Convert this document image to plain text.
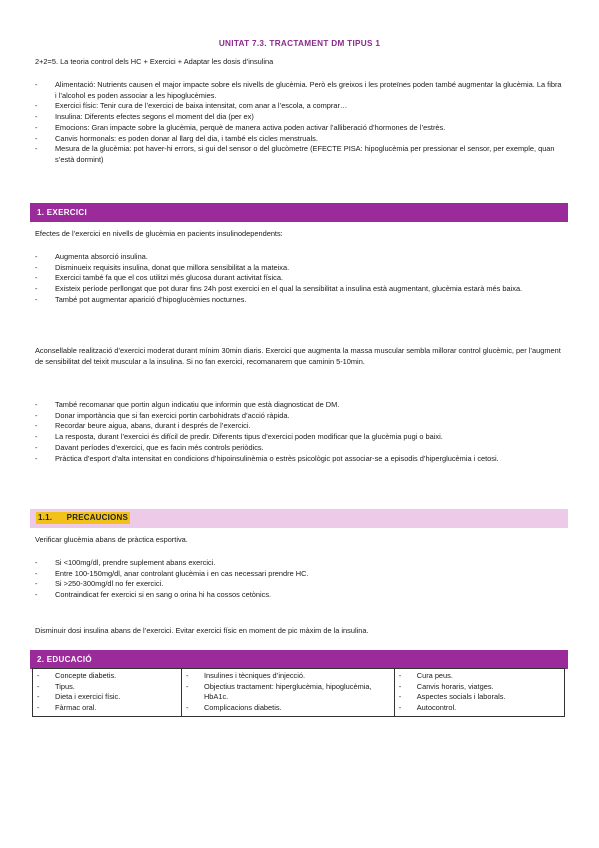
UNITAT 7.3. TRACTAMENT DM TIPUS 1
2+2=5. La teoria control dels HC + Exercici + Adaptar les dosis d’insulina
- Alimentació: Nutrients causen el major impacte sobre els nivells de glucèmia. Però els greixos i les proteïnes poden també augmentar la glucèmia. La fibra i l’alcohol es poden associar a les hipoglucèmies.
- Exercici físic: Tenir cura de l’exercici de baixa intensitat, com anar a l’escola, a comprar…
- Insulina: Diferents efectes segons el moment del dia (per ex)
- Emocions: Gran impacte sobre la glucèmia, perquè de manera activa poden activar l’alliberació d’hormones de l’estrès.
- Canvis hormonals: es poden donar al llarg del dia, i també els cicles menstruals.
- Mesura de la glucèmia: pot haver-hi errors, si gui del sensor o del glucòmetre (EFECTE PISA: hipoglucèmia per pressionar el sensor, per exemple, quan s’està dormint)
1. EXERCICI
Efectes de l’exercici en nivells de glucèmia en pacients insulinodependents:
- Augmenta absorció insulina.
- Disminueix requisits insulina, donat que millora sensibilitat a la mateixa.
- Exercici també fa que el cos utilitzi més glucosa durant activitat física.
- Existeix període perllongat que pot durar fins 24h post exercici en el qual la sensibilitat a insulina està augmentant, glucèmia estarà més baixa.
- També pot augmentar aparició d’hipoglucèmies nocturnes.
Aconsellable realització d’exercici moderat durant mínim 30min diaris. Exercici que augmenta la massa muscular sembla millorar control glucèmic, per l’augment de sensibilitat del teixit muscular a la insulina. Si no fan exercici, recomanarem que caminin 5-10min.
- També recomanar que portin algun indicatiu que informin que està diagnosticat de DM.
- Donar importància que si fan exercici portin carbohidrats d’acció ràpida.
- Recordar beure aigua, abans, durant i després de l’exercici.
- La resposta, durant l’exercici és difícil de predir. Diferents tipus d’exercici poden modificar que la glucèmia pugi o baixi.
- Davant períodes d’exercici, que es facin més controls periòdics.
- Pràctica d’esport d’alta intensitat en condicions d’hipoinsulinèmia o estrès psicològic pot associar-se a episodis d’hiperglucèmia i cetosi.
1.1.      PRECAUCIONS
Verificar glucèmia abans de pràctica esportiva.
- Si <100mg/dl, prendre suplement abans exercici.
- Entre 100-150mg/dl, anar controlant glucèmia i en cas necessari prendre HC.
- Si >250-300mg/dl no fer exercici.
- Contraindicat fer exercici si en sang o orina hi ha cossos cetònics.
Disminuir dosi insulina abans de l’exercici. Evitar exercici físic en moment de pic màxim de la insulina.
2. EDUCACIÓ
- Concepte diabetis.
- Tipus.
- Dieta i exercici físic.
- Fàrmac oral.

- Insulines i tècniques d’injecció.
- Objectius tractament: hiperglucèmia, hipoglucèmia, HbA1c.
- Complicacions diabetis.

- Cura peus.
- Canvis horaris, viatges.
- Aspectes socials i laborals.
- Autocontrol.
